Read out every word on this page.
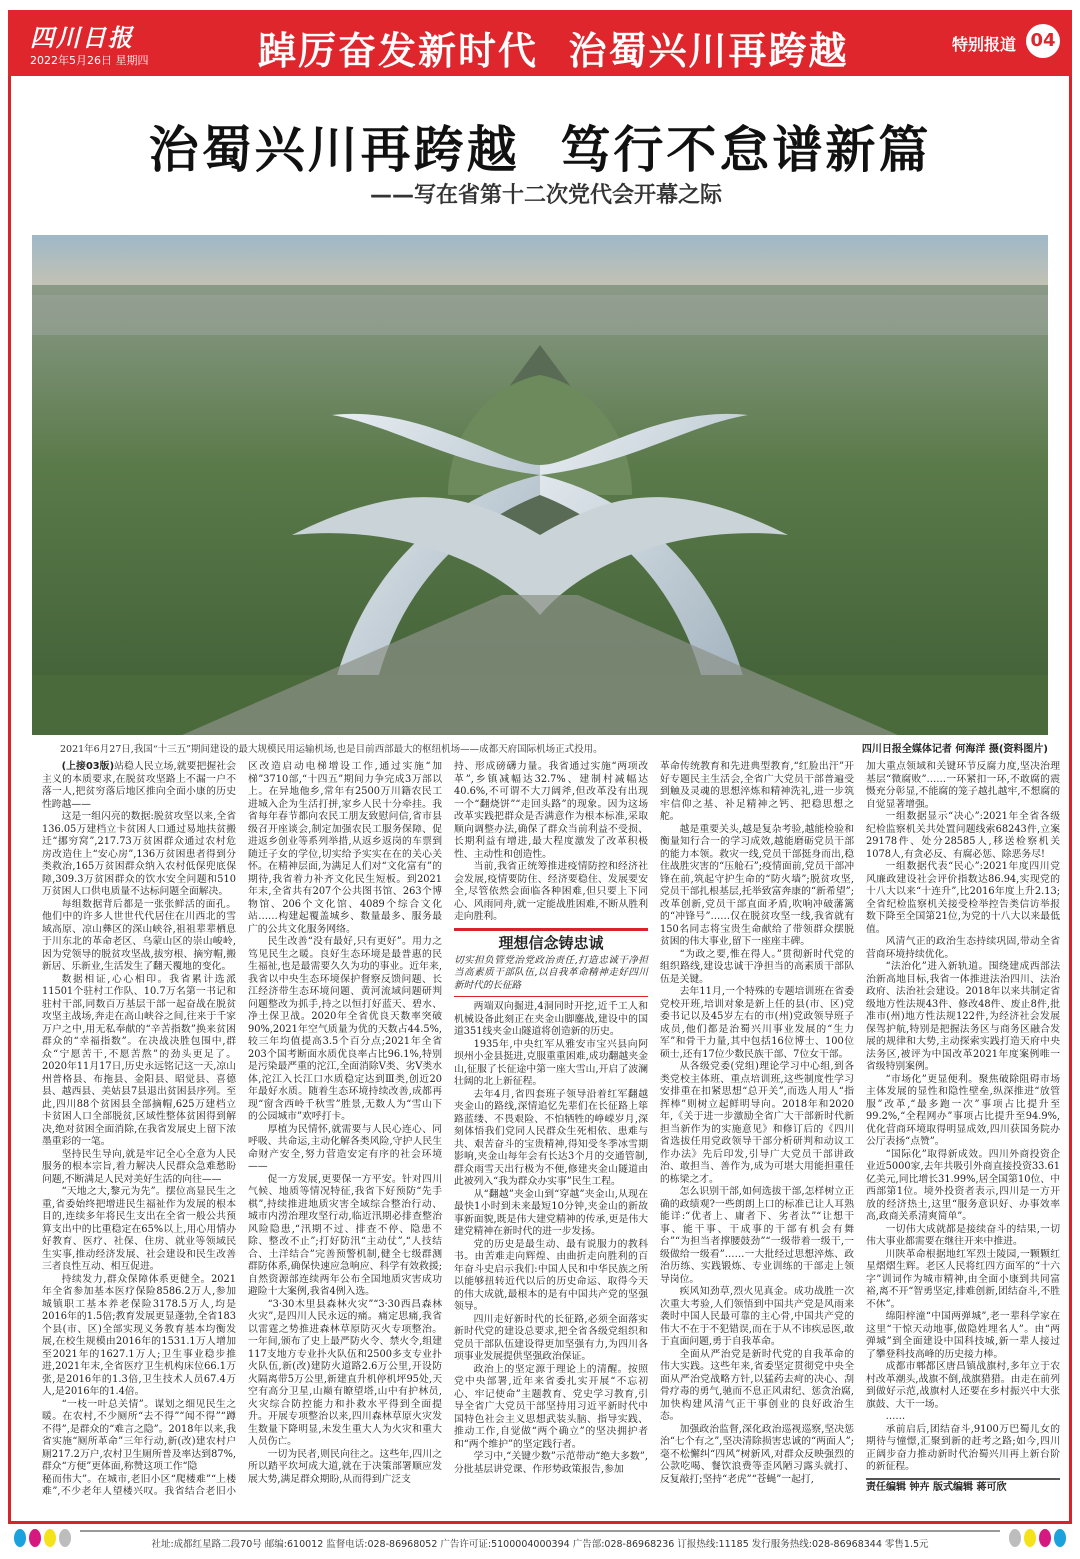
四川日报
2022年5月26日 星期四	踔厉奋发新时代  治蜀兴川再跨越	特别报道 04
治蜀兴川再跨越  笃行不怠谱新篇
——写在省第十二次党代会开幕之际
2021年6月27日,我国“十三五”期间建设的最大规模民用运输机场,也是目前西部最大的枢纽机场——成都天府国际机场正式投用。	四川日报全媒体记者 何海洋 摄(资料图片)

(上接03版)站稳人民立场,就要把握社会主义的本质要求,在脱贫攻坚路上不漏一户不落一人,把贫穷落后地区推向全面小康的历史性跨越——

这是一组闪亮的数据:脱贫攻坚以来,全省136.05万建档立卡贫困人口通过易地扶贫搬迁“挪穷窝”,217.73万贫困群众通过农村危房改造住上“安心房”,136万贫困患者得到分类救治,165万贫困群众纳入农村低保兜底保障,309.3万贫困群众的饮水安全问题和510万贫困人口供电质量不达标问题全面解决。

每组数据背后都是一张张鲜活的面孔。他们中的许多人世世代代居住在川西北的雪域高原、凉山彝区的深山峡谷,祖祖辈辈栖息于川东北的革命老区、乌蒙山区的崇山峻岭,因为党领导的脱贫攻坚战,拔穷根、摘穷帽,搬新居、乐新业,生活发生了翻天覆地的变化。

数据相证,心心相印。我省累计选派11501个驻村工作队、10.7万名第一书记和驻村干部,同数百万基层干部一起奋战在脱贫攻坚主战场,奔走在高山峡谷之间,往来于千家万户之中,用无私奉献的“辛苦指数”换来贫困群众的“幸福指数”。在决战决胜包围中,群众“宁愿苦干,不愿苦熬”的劲头更足了。2020年11月17日,历史永远铭记这一天,凉山州普格县、布拖县、金阳县、昭觉县、喜德县、越西县、美姑县7县退出贫困县序列。至此,四川88个贫困县全部摘帽,625万建档立卡贫困人口全部脱贫,区域性整体贫困得到解决,绝对贫困全面消除,在我省发展史上留下浓墨重彩的一笔。

坚持民生导向,就是牢记全心全意为人民服务的根本宗旨,着力解决人民群众急难愁盼问题,不断满足人民对美好生活的向往——

“天地之大,黎元为先”。摆位高显民生之重,省委始终把增进民生福祉作为发展的根本目的,连续多年将民生支出在全省一般公共预算支出中的比重稳定在65%以上,用心用情办好教育、医疗、社保、住房、就业等领域民生实事,推动经济发展、社会建设和民生改善三者良性互动、相互促进。

持续发力,群众保障体系更健全。2021年全省参加基本医疗保险8586.2万人,参加城镇职工基本养老保险3178.5万人,均是2016年的1.5倍;教育发展更显蓬勃,全省183个县(市、区)全部实现义务教育基本均衡发展,在校生规模由2016年的1531.1万人增加至2021年的1627.1万人;卫生事业稳步推进,2021年末,全省医疗卫生机构床位66.1万张,是2016年的1.3倍,卫生技术人员67.4万人,是2016年的1.4倍。

“一枝一叶总关情”。谋划之细见民生之暖。在农村,不少厕所“去不得”“闻不得”“蹲不得”,是群众的“难言之隐”。2018年以来,我省实施“厕所革命”三年行动,新(改)建农村户厕217.2万户,农村卫生厕所普及率达到87%,群众“方便”更体面,称赞这项工作“隐

秘而伟大”。在城市,老旧小区“爬楼难”“上楼难”,不少老年人望楼兴叹。我省结合老旧小区改造启动电梯增设工作,通过实施“加梯”3710部,“十四五”期间力争完成3万部以上。在异地他乡,常年有2500万川籍农民工进城入企为生活打拼,家乡人民十分牵挂。我省每年春节都向农民工朋友致慰问信,省市县级召开座谈会,制定加强农民工服务保障、促进返乡创业等系列举措,从返乡返岗的车票到随迁子女的学位,切实给予实实在在的关心关怀。在精神层面,为满足人们对“文化富有”的期待,我省着力补齐文化民生短板。到2021年末,全省共有207个公共图书馆、263个博物馆、206个文化馆、4089个综合文化站……构建起覆盖城乡、数量最多、服务最广的公共文化服务网络。

民生改善“没有最好,只有更好”。用力之笃见民生之暖。良好生态环境是最普惠的民生福祉,也是最需要久久为功的事业。近年来,我省以中央生态环境保护督察反馈问题、长江经济带生态环境问题、黄河流域问题研判问题整改为抓手,持之以恒打好蓝天、碧水、净土保卫战。2020年全省优良天数率突破90%,2021年空气质量为优的天数占44.5%,较三年均值提高3.5个百分点;2021年全省203个国考断面水质优良率占比96.1%,特别是污染最严重的沱江,全面消除Ⅴ类、劣Ⅴ类水体,沱江入长江口水质稳定达到Ⅲ类,创近20年最好水质。随着生态环境持续改善,成都再现“窗含西岭千秋雪”胜景,无数人为“雪山下的公园城市”欢呼打卡。

厚植为民情怀,就需要与人民心连心、同呼吸、共命运,主动化解各类风险,守护人民生命财产安全,努力营造安定有序的社会环境——

促一方发展,更要保一方平安。针对四川气候、地质等情况特征,我省下好预防“先手棋”,持续推进地质灾害全域综合整治行动、城市内涝治理攻坚行动,临近汛期必排查整治风险隐患,“汛期不过、排查不停、隐患不除、整改不止”;打好防汛“主动仗”,“人技结合、土洋结合”完善预警机制,健全七级群测群防体系,确保快速应急响应、科学有效救援;自然资源部连续两年公布全国地质灾害成功避险十大案例,我省4例入选。

“3·30木里县森林火灾”“3·30西昌森林火灾”,是四川人民永远的痛。痛定思痛,我省以雷霆之势推进森林草原防灭火专项整治。一年间,颁布了史上最严防火令、禁火令,组建117支地方专业扑火队伍和2500多支专业扑火队伍,新(改)建防火道路2.6万公里,开设防火隔离带5万公里,新建直升机停机坪95处,天空有高分卫星,山巅有瞭望塔,山中有护林员,火灾综合防控能力和扑救水平得到全面提升。开展专项整治以来,四川森林草原火灾发生数量下降明显,未发生重大人为火灾和重大人员伤亡。

一切为民者,则民向往之。这些年,四川之所以踏平坎坷成大道,就在于决策部署顺应发展大势,满足群众期盼,从而得到广泛支

持、形成磅礴力量。我省通过实施“两项改革”,乡镇减幅达32.7%、建制村减幅达40.6%,不可谓不大刀阔斧,但改革没有出现一个“翻烧饼”“走回头路”的现象。因为这场改革实践把群众是否满意作为根本标准,采取顺向调整办法,确保了群众当前利益不受损、长期利益有增进,最大程度激发了改革积极性、主动性和创造性。

当前,我省正统筹推进疫情防控和经济社会发展,疫情要防住、经济要稳住、发展要安全,尽管依然会面临各种困难,但只要上下同心、风雨同舟,就一定能战胜困难,不断从胜利走向胜利。

理想信念铸忠诚
切实担负管党治党政治责任,打造忠诚干净担当高素质干部队伍,以自我革命精神走好四川新时代的长征路

两端双向掘进,4洞同时开挖,近千工人和机械设备此刻正在夹金山脚鏖战,建设中的国道351线夹金山隧道将创造新的历史。

1935年,中央红军从雅安市宝兴县向阿坝州小金县挺进,克服重重困难,成功翻越夹金山,征服了长征途中第一座大雪山,开启了波澜壮阔的北上新征程。

去年4月,省四套班子领导沿着红军翻越夹金山的路线,深情追忆先辈们在长征路上筚路蓝缕、不畏艰险、不怕牺牲的峥嵘岁月,深刻体悟我们党同人民群众生死相依、患难与共、艰苦奋斗的宝贵精神,得知受冬季冰雪期影响,夹金山每年会有长达3个月的交通管制,群众雨雪天出行极为不便,修建夹金山隧道由此被列入“我为群众办实事”民生工程。

从“翻越”夹金山到“穿越”夹金山,从现在最快1小时到未来最短10分钟,夹金山的新故事新面貌,既是伟大建党精神的传承,更是伟大建党精神在新时代的进一步发扬。

党的历史是最生动、最有说服力的教科书。由苦难走向辉煌、由曲折走向胜利的百年奋斗史启示我们:中国人民和中华民族之所以能够扭转近代以后的历史命运、取得今天的伟大成就,最根本的是有中国共产党的坚强领导。

四川走好新时代的长征路,必须全面落实新时代党的建设总要求,把全省各级党组织和党员干部队伍建设得更加坚强有力,为四川各项事业发展提供坚强政治保证。

政治上的坚定源于理论上的清醒。按照党中央部署,近年来省委扎实开展“不忘初心、牢记使命”主题教育、党史学习教育,引导全省广大党员干部坚持用习近平新时代中国特色社会主义思想武装头脑、指导实践、推动工作,自觉做“两个确立”的坚决拥护者和“两个维护”的坚定践行者。

学习中,“关键少数”示范带动“绝大多数”,分批基层讲党课、作形势政策报告,参加

革命传统教育和先进典型教育,“红脸出汗”开好专题民主生活会,全省广大党员干部普遍受到触及灵魂的思想淬炼和精神洗礼,进一步筑牢信仰之基、补足精神之钙、把稳思想之舵。

越是重要关头,越是复杂考验,越能检验和衡量知行合一的学习成效,越能磨砺党员干部的能力本领。救灾一线,党员干部挺身而出,稳住战胜灾害的“压舱石”;疫情面前,党员干部冲锋在前,筑起守护生命的“防火墙”;脱贫攻坚,党员干部扎根基层,托举致富奔康的“新希望”;改革创新,党员干部直面矛盾,吹响冲破藩篱的“冲锋号”……仅在脱贫攻坚一线,我省就有150名同志将宝贵生命献给了带领群众摆脱贫困的伟大事业,留下一座座丰碑。

“为政之要,惟在得人。”贯彻新时代党的组织路线,建设忠诚干净担当的高素质干部队伍是关键。

去年11月,一个特殊的专题培训班在省委党校开班,培训对象是新上任的县(市、区)党委书记以及45岁左右的市(州)党政领导班子成员,他们都是治蜀兴川事业发展的“生力军”和骨干力量,其中包括16位博士、100位硕士,还有17位少数民族干部、7位女干部。

从各级党委(党组)理论学习中心组,到各类党校主体班、重点培训班,这些制度性学习安排重在扣紧思想“总开关”,而选人用人“指挥棒”则树立起鲜明导向。2018年和2020年,《关于进一步激励全省广大干部新时代新担当新作为的实施意见》和修订后的《四川省选拔任用党政领导干部分析研判和动议工作办法》先后印发,引导广大党员干部讲政治、敢担当、善作为,成为可堪大用能担重任的栋梁之才。

怎么识别干部,如何选拔干部,怎样树立正确的政绩观?一些朗朗上口的标准已让人耳熟能详:“优者上、庸者下、劣者汰”“让想干事、能干事、干成事的干部有机会有舞台”“为担当者撑腰鼓劲”“一级带着一级干,一级做给一级看”……一大批经过思想淬炼、政治历练、实践锻炼、专业训练的干部走上领导岗位。

疾风知劲草,烈火见真金。成功战胜一次次重大考验,人们领悟到中国共产党是风雨来袭时中国人民最可靠的主心骨,中国共产党的伟大不在于不犯错误,而在于从不讳疾忌医,敢于直面问题,勇于自我革命。

全面从严治党是新时代党的自我革命的伟大实践。这些年来,省委坚定贯彻党中央全面从严治党战略方针,以猛药去疴的决心、刮骨疗毒的勇气,驰而不息正风肃纪、惩贪治腐,加快构建风清气正干事创业的良好政治生态。

加强政治监督,深化政治巡视巡察,坚决惩治“七个有之”,坚决清除损害忠诚的“两面人”;毫不松懈纠“四风”树新风,对群众反映强烈的公款吃喝、餐饮浪费等歪风陋习露头就打、反复敲打;坚持“老虎”“苍蝇”一起打,

加大重点领域和关键环节反腐力度,坚决治理基层“微腐败”……一环紧扣一环,不敢腐的震慑充分彰显,不能腐的笼子越扎越牢,不想腐的自觉显著增强。

一组数据显示“决心”:2021年全省各级纪检监察机关共处置问题线索68243件,立案29178件、处分28585人,移送检察机关1078人,有贪必反、有腐必惩、除恶务尽!

一组数据代表“民心”:2021年度四川党风廉政建设社会评价指数达86.94,实现党的十八大以来“十连升”,比2016年度上升2.13;全省纪检监察机关接受检举控告类信访举报数下降至全国第21位,为党的十八大以来最低值。

风清气正的政治生态持续巩固,带动全省营商环境持续优化。

“法治化”进入新轨道。围绕建成西部法治新高地目标,我省一体推进法治四川、法治政府、法治社会建设。2018年以来共制定省级地方性法规43件、修改48件、废止8件,批准市(州)地方性法规122件,为经济社会发展保驾护航,特别是把握法务区与商务区融合发展的规律和大势,主动探索实践打造天府中央法务区,被评为中国改革2021年度案例唯一省级特别案例。

“市场化”更显便利。聚焦破除阻碍市场主体发展的显性和隐性壁垒,纵深推进“放管服”改革,“最多跑一次”事项占比提升至99.2%,“全程网办”事项占比提升至94.9%,优化营商环境取得明显成效,四川获国务院办公厅表扬“点赞”。

“国际化”取得新成效。四川外商投资企业近5000家,去年共吸引外商直接投资33.61亿美元,同比增长31.99%,居全国第10位、中西部第1位。境外投资者表示,四川是一方开放的经济热土,这里“服务意识好、办事效率高,政商关系清爽简单”。

一切伟大成就都是接续奋斗的结果,一切伟大事业都需要在继往开来中推进。

川陕革命根据地红军烈士陵园,一颗颗红星熠熠生辉。老区人民将红四方面军的“十六字”训词作为城市精神,由全面小康到共同富裕,离不开“智勇坚定,排难创新,团结奋斗,不胜不休”。

绵阳梓潼“中国两弹城”,老一辈科学家在这里“干惊天动地事,做隐姓埋名人”。由“两弹城”到全面建设中国科技城,新一辈人接过了攀登科技高峰的历史接力棒。

成都市郫都区唐昌镇战旗村,多年立于农村改革潮头,战旗不倒,战旗猎猎。由走在前列到做好示范,战旗村人还要在乡村振兴中大张旗鼓、大干一场。

……

承前启后,团结奋斗,9100万巴蜀儿女的期待与憧憬,汇聚到新的赶考之路;如今,四川正阔步奋力推动新时代治蜀兴川再上新台阶的新征程。

责任编辑 钟卉 版式编辑 蒋可欣
社址:成都红星路二段70号 邮编:610012 监督电话:028-86968052 广告许可证:5100004000394 广告部:028-86968236 订报热线:11185 发行服务热线:028-86968344 零售1.5元
